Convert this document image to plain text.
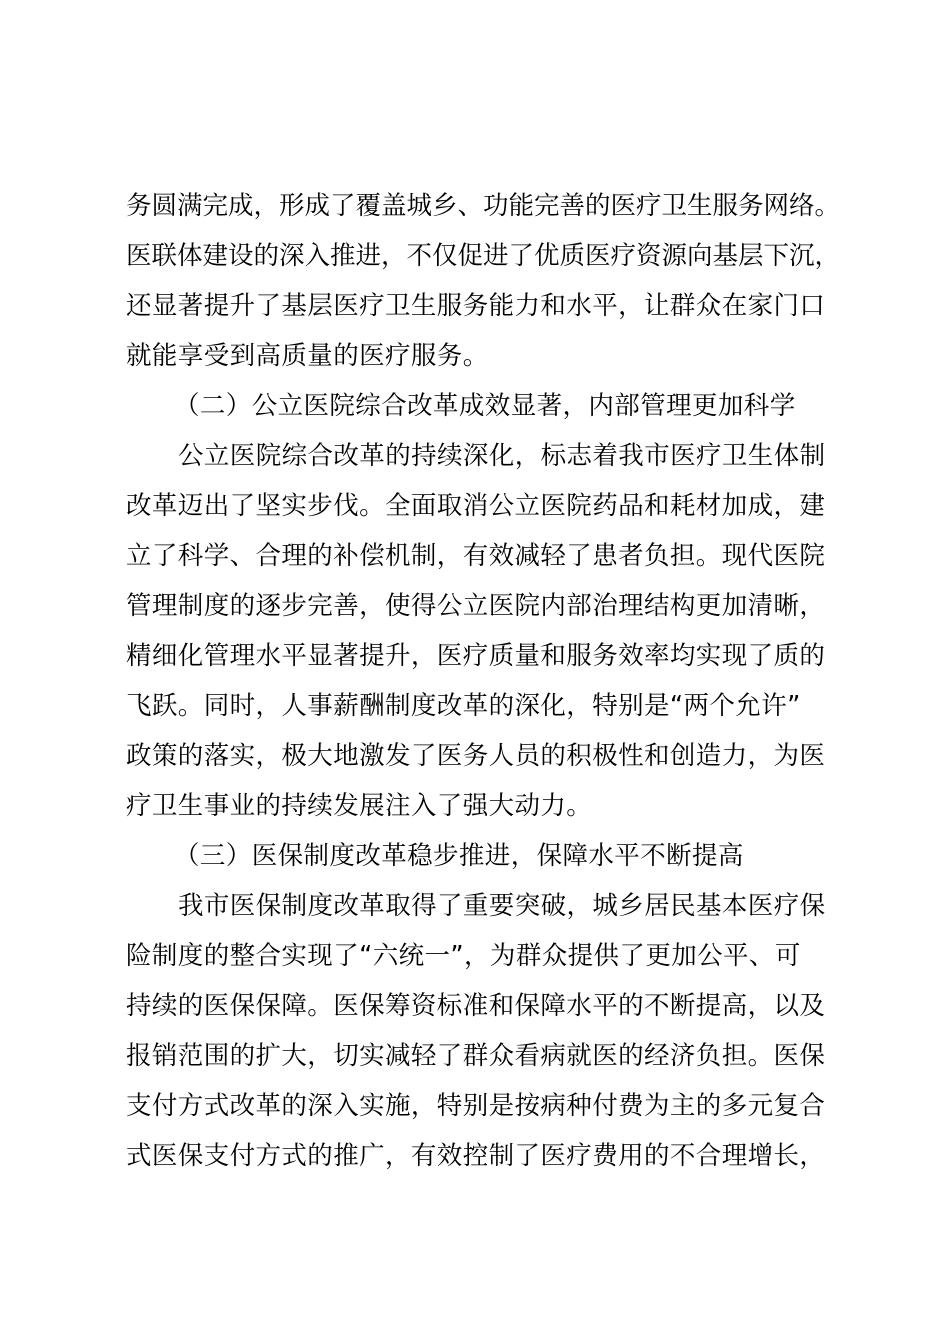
务圆满完成，形成了覆盖城乡、功能完善的医疗卫生服务网络。
医联体建设的深入推进，不仅促进了优质医疗资源向基层下沉，
还显著提升了基层医疗卫生服务能力和水平，让群众在家门口
就能享受到高质量的医疗服务。
（二）公立医院综合改革成效显著，内部管理更加科学
公立医院综合改革的持续深化，标志着我市医疗卫生体制
改革迈出了坚实步伐。全面取消公立医院药品和耗材加成，建
立了科学、合理的补偿机制，有效减轻了患者负担。现代医院
管理制度的逐步完善，使得公立医院内部治理结构更加清晰，
精细化管理水平显著提升，医疗质量和服务效率均实现了质的
飞跃。同时，人事薪酬制度改革的深化，特别是“两个允许”
政策的落实，极大地激发了医务人员的积极性和创造力，为医
疗卫生事业的持续发展注入了强大动力。
（三）医保制度改革稳步推进，保障水平不断提高
我市医保制度改革取得了重要突破，城乡居民基本医疗保
险制度的整合实现了“六统一”，为群众提供了更加公平、可
持续的医保保障。医保筹资标准和保障水平的不断提高，以及
报销范围的扩大，切实减轻了群众看病就医的经济负担。医保
支付方式改革的深入实施，特别是按病种付费为主的多元复合
式医保支付方式的推广，有效控制了医疗费用的不合理增长，
